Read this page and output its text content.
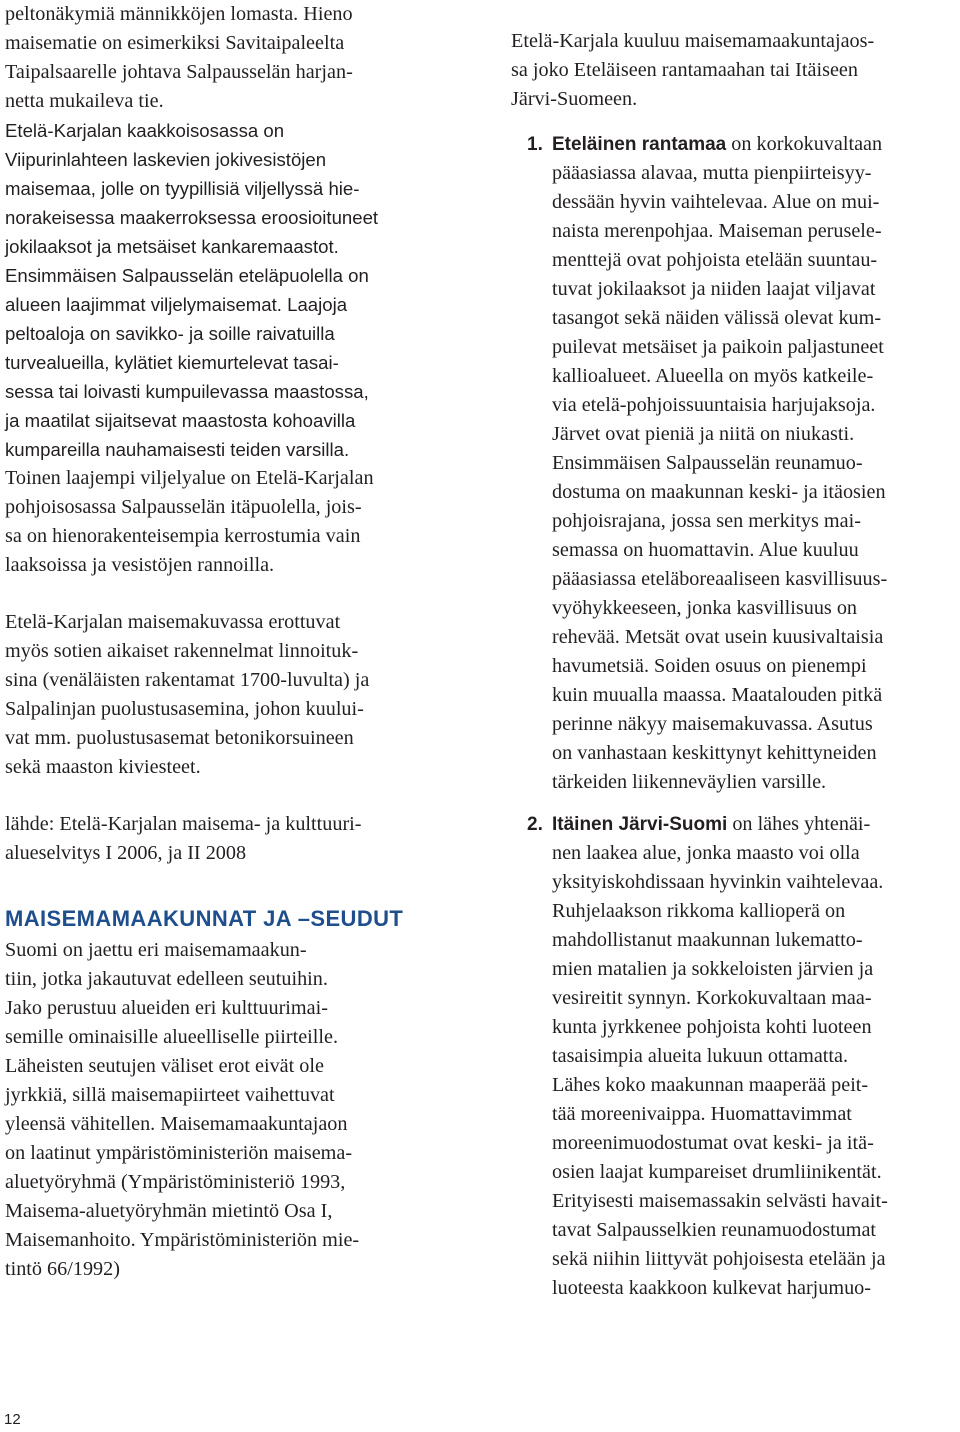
peltonäkymiä männikköjen lomasta. Hieno
maisematie on esimerkiksi Savitaipaleelta
Taipalsaarelle johtava Salpausselän harjan-
netta mukaileva tie.
Etelä-Karjalan kaakkoisosassa on
Viipurinlahteen laskevien jokivesistöjen
maisemaa, jolle on tyypillisiä viljellyssä hie-
norakeisessa maakerroksessa eroosioituneet
jokilaaksot ja metsäiset kankaremaastot.
Ensimmäisen Salpausselän eteläpuolella on
alueen laajimmat viljelymaisemat. Laajoja
peltoaloja on savikko- ja soille raivatuilla
turvealueilla, kylätiet kiemurtelevat tasai-
sessa tai loivasti kumpuilevassa maastossa,
ja maatilat sijaitsevat maastosta kohoavilla
kumpareilla nauhamaisesti teiden varsilla.
Toinen laajempi viljelyalue on Etelä-Karjalan
pohjoisosassa Salpausselän itäpuolella, jois-
sa on hienorakenteisempia kerrostumia vain
laaksoissa ja vesistöjen rannoilla.
Etelä-Karjalan maisemakuvassa erottuvat
myös sotien aikaiset rakennelmat linnoituk-
sina (venäläisten rakentamat 1700-luvulta) ja
Salpalinjan puolustusasemina, johon kuului-
vat mm. puolustusasemat betonikorsuineen
sekä maaston kiviesteet.
lähde: Etelä-Karjalan maisema- ja kulttuuri-
alueselvitys I 2006, ja II 2008
MAISEMAMAAKUNNAT JA –SEUDUT
Suomi on jaettu eri maisemamaakun-
tiin, jotka jakautuvat edelleen seutuihin.
Jako perustuu alueiden eri kulttuurimai-
semille ominaisille alueelliselle piirteille.
Läheisten seutujen väliset erot eivät ole
jyrkkiä, sillä maisemapiirteet vaihettuvat
yleensä vähitellen. Maisemamaakuntajaon
on laatinut ympäristöministeriön maisema-
aluetyöryhmä (Ympäristöministeriö 1993,
Maisema-aluetyöryhmän mietintö Osa I,
Maisemanhoito. Ympäristöministeriön mie-
tintö 66/1992)
Etelä-Karjala kuuluu maisemamaakuntajaos-
sa joko Eteläiseen rantamaahan tai Itäiseen
Järvi-Suomeen.
1. Eteläinen rantamaa on korkokuvaltaan
pääasiassa alavaa, mutta pienpiirteisyy-
dessään hyvin vaihtelevaa. Alue on mui-
naista merenpohjaa. Maiseman perusele-
menttejä ovat pohjoista etelään suuntau-
tuvat jokilaaksot ja niiden laajat viljavat
tasangot sekä näiden välissä olevat kum-
puilevat metsäiset ja paikoin paljastuneet
kallioalueet. Alueella on myös katkeile-
via etelä-pohjoissuuntaisia harjujaksoja.
Järvet ovat pieniä ja niitä on niukasti.
Ensimmäisen Salpausselän reunamuo-
dostuma on maakunnan keski- ja itäosien
pohjoisrajana, jossa sen merkitys mai-
semassa on huomattavin. Alue kuuluu
pääasiassa eteläboreaaliseen kasvillisuus-
vyöhykkeeseen, jonka kasvillisuus on
rehevää. Metsät ovat usein kuusivaltaisia
havumetsiä. Soiden osuus on pienempi
kuin muualla maassa. Maatalouden pitkä
perinne näkyy maisemakuvassa. Asutus
on vanhastaan keskittynyt kehittyneiden
tärkeiden liikenneväylien varsille.
2. Itäinen Järvi-Suomi on lähes yhtenäi-
nen laakea alue, jonka maasto voi olla
yksityiskohdissaan hyvinkin vaihtelevaa.
Ruhjelaakson rikkoma kallioperä on
mahdollistanut maakunnan lukematto-
mien matalien ja sokkeloisten järvien ja
vesireitit synnyn. Korkokuvaltaan maa-
kunta jyrkkenee pohjoista kohti luoteen
tasaisimpia alueita lukuun ottamatta.
Lähes koko maakunnan maaperää peit-
tää moreenivaippa. Huomattavimmat
moreenimuodostumat ovat keski- ja itä-
osien laajat kumpareiset drumliinikentät.
Erityisesti maisemassakin selvästi havait-
tavat Salpausselkien reunamuodostumat
sekä niihin liittyvät pohjoisesta etelään ja
luoteesta kaakkoon kulkevat harjumuo-
12
